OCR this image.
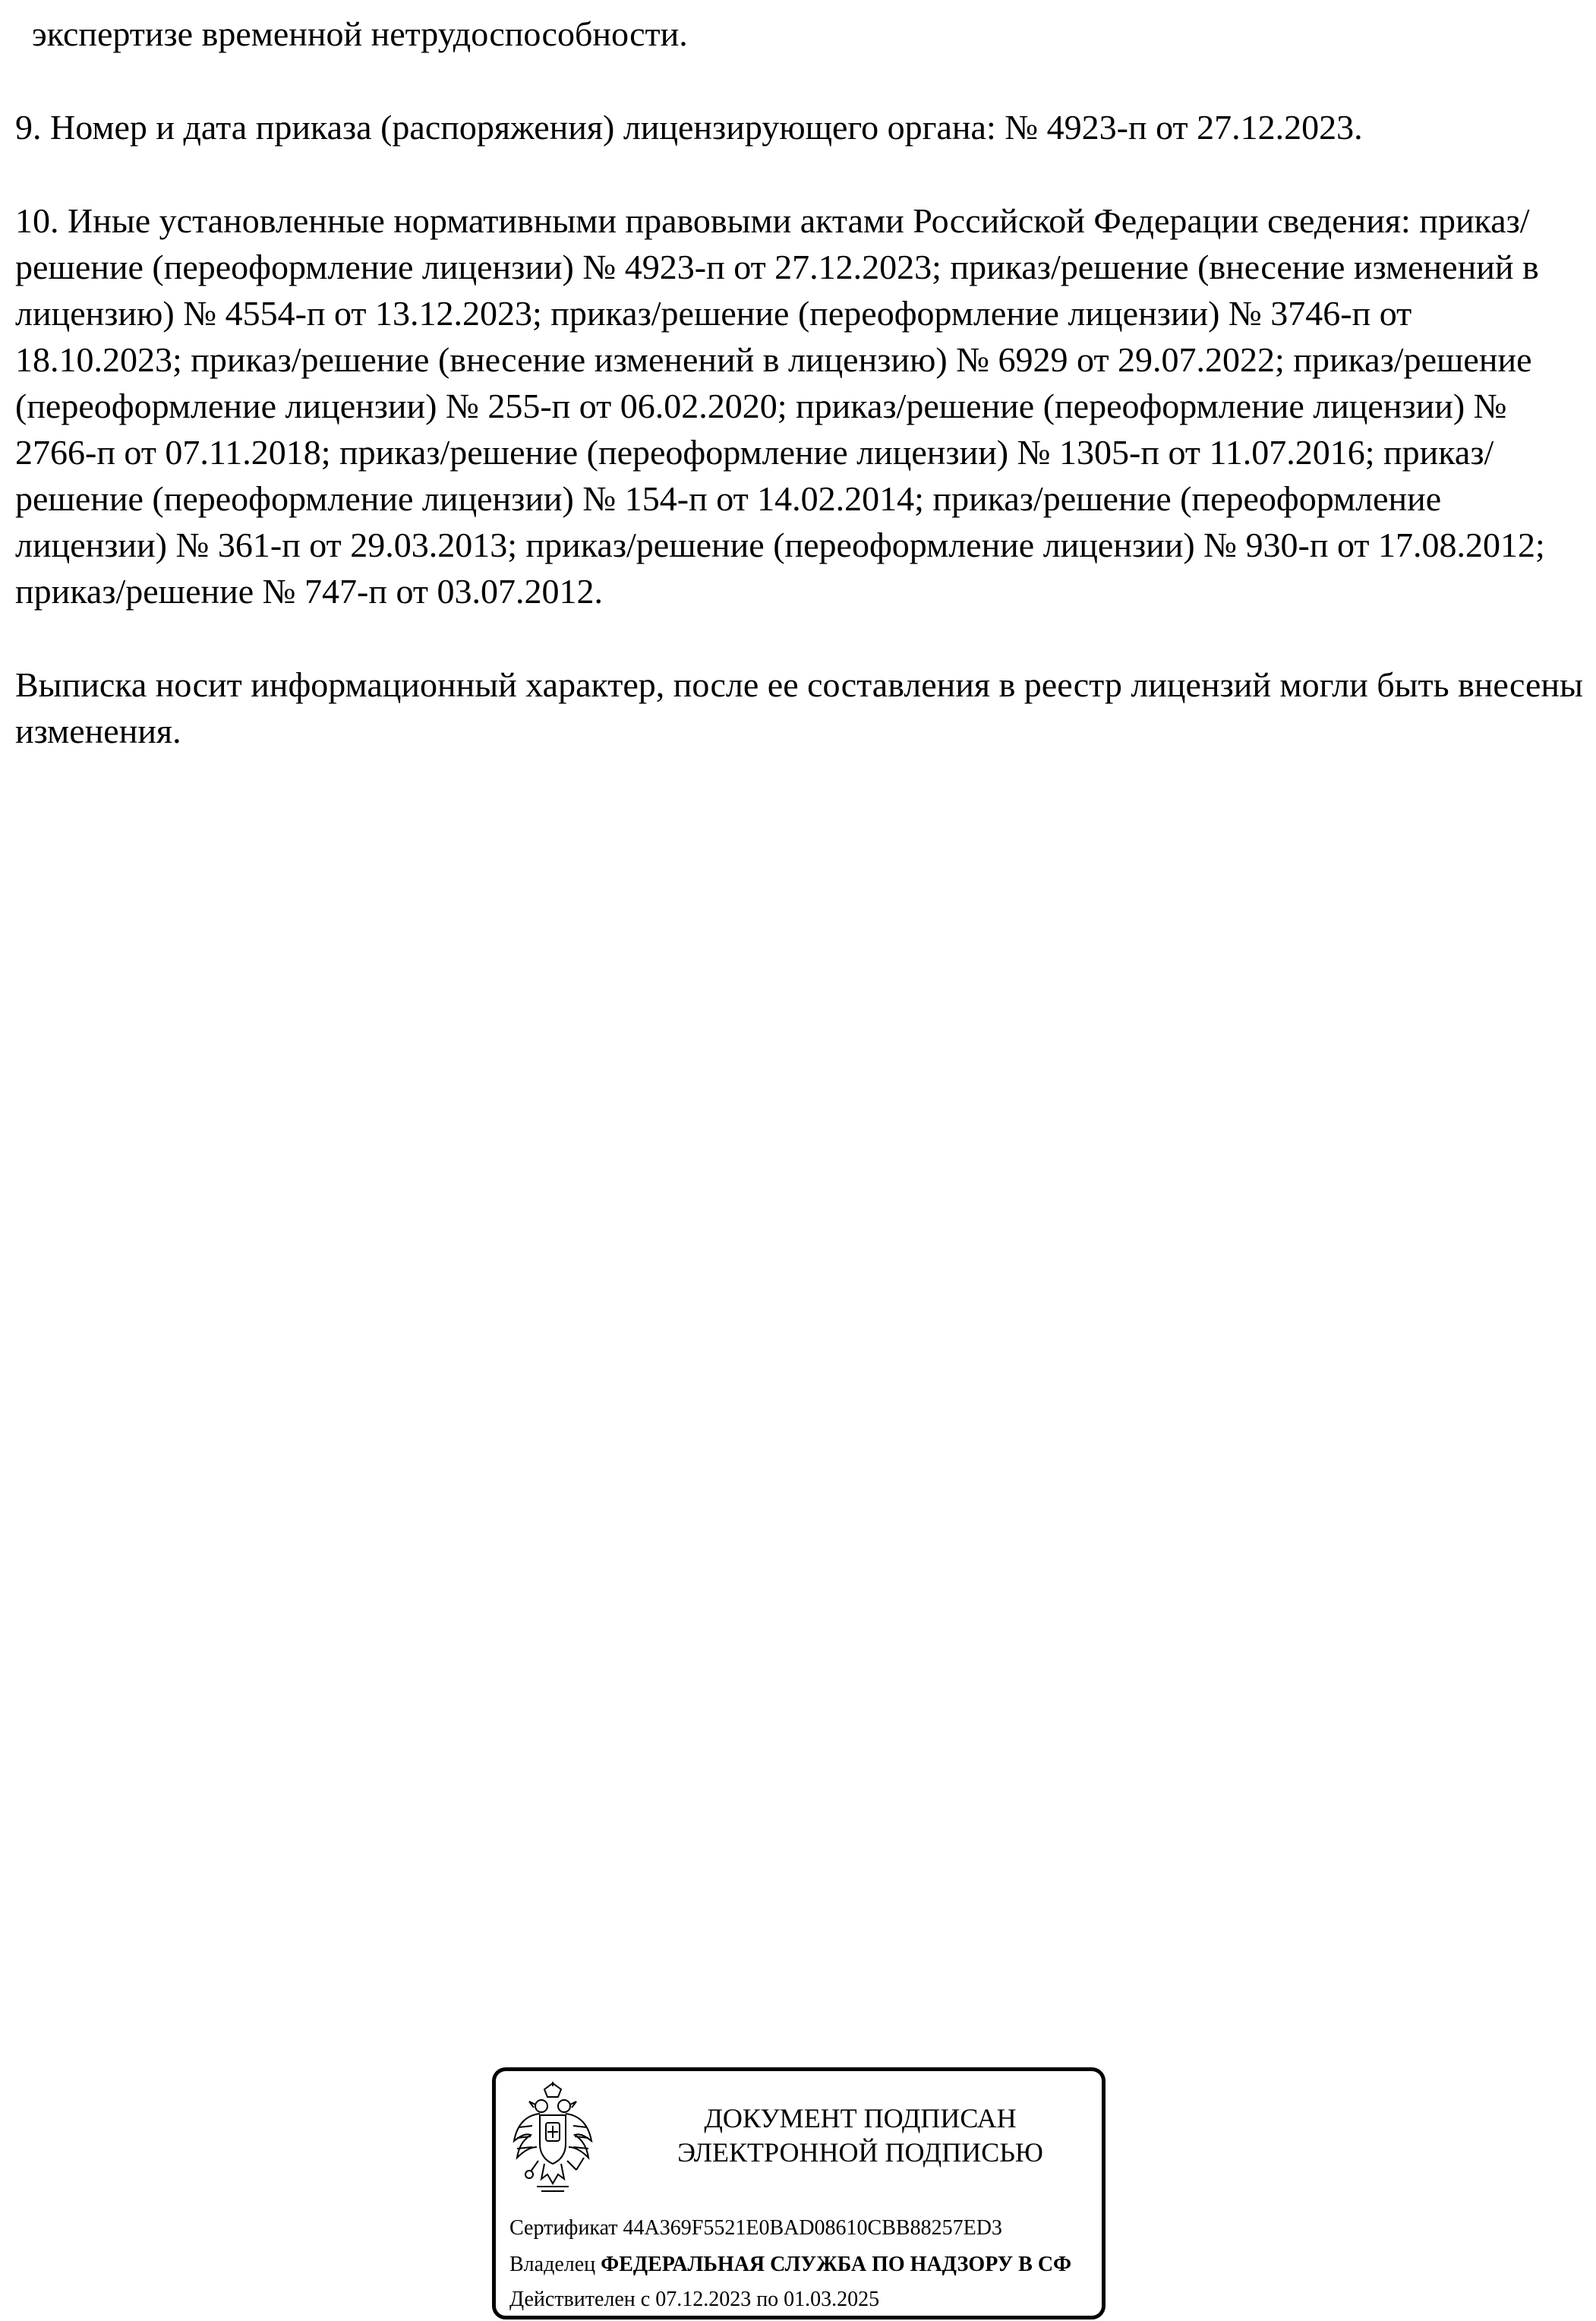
экспертизе временной нетрудоспособности.

9. Номер и дата приказа (распоряжения) лицензирующего органа: № 4923-п от 27.12.2023.

10. Иные установленные нормативными правовыми актами Российской Федерации сведения: приказ/решение (переоформление лицензии) № 4923-п от 27.12.2023; приказ/решение (внесение изменений в лицензию) № 4554-п от 13.12.2023; приказ/решение (переоформление лицензии) № 3746-п от 18.10.2023; приказ/решение (внесение изменений в лицензию) № 6929 от 29.07.2022; приказ/решение (переоформление лицензии) № 255-п от 06.02.2020; приказ/решение (переоформление лицензии) № 2766-п от 07.11.2018; приказ/решение (переоформление лицензии) № 1305-п от 11.07.2016; приказ/решение (переоформление лицензии) № 154-п от 14.02.2014; приказ/решение (переоформление лицензии) № 361-п от 29.03.2013; приказ/решение (переоформление лицензии) № 930-п от 17.08.2012; приказ/решение № 747-п от 03.07.2012.

Выписка носит информационный характер, после ее составления в реестр лицензий могли быть внесены изменения.

ДОКУМЕНТ ПОДПИСАН
ЭЛЕКТРОННОЙ ПОДПИСЬЮ
Сертификат 44A369F5521E0BAD08610CBB88257ED3
Владелец ФЕДЕРАЛЬНАЯ СЛУЖБА ПО НАДЗОРУ В СФ
Действителен с 07.12.2023 по 01.03.2025
